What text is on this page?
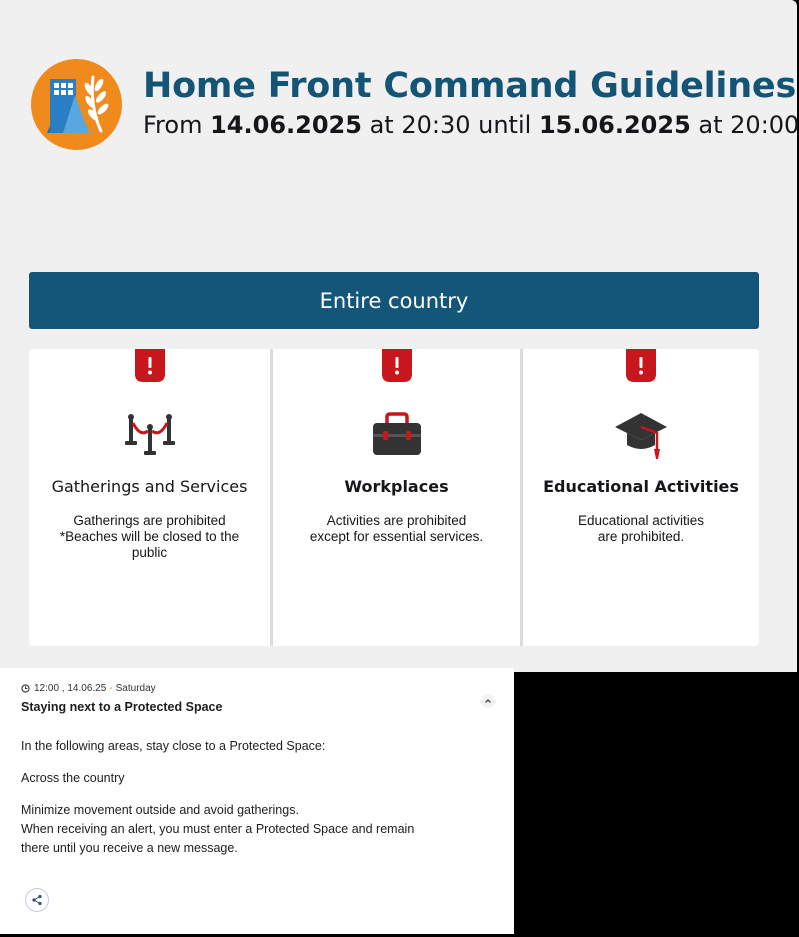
Home Front Command Guidelines
From 14.06.2025 at 20:30 until 15.06.2025 at 20:00
Entire country
Gatherings and Services
Gatherings are prohibited
*Beaches will be closed to the
public
Workplaces
Activities are prohibited
except for essential services.
Educational Activities
Educational activities
are prohibited.
12:00 , 14.06.25 - Saturday
Staying next to a Protected Space
In the following areas, stay close to a Protected Space:
Across the country
Minimize movement outside and avoid gatherings.
When receiving an alert, you must enter a Protected Space and remain
there until you receive a new message.
